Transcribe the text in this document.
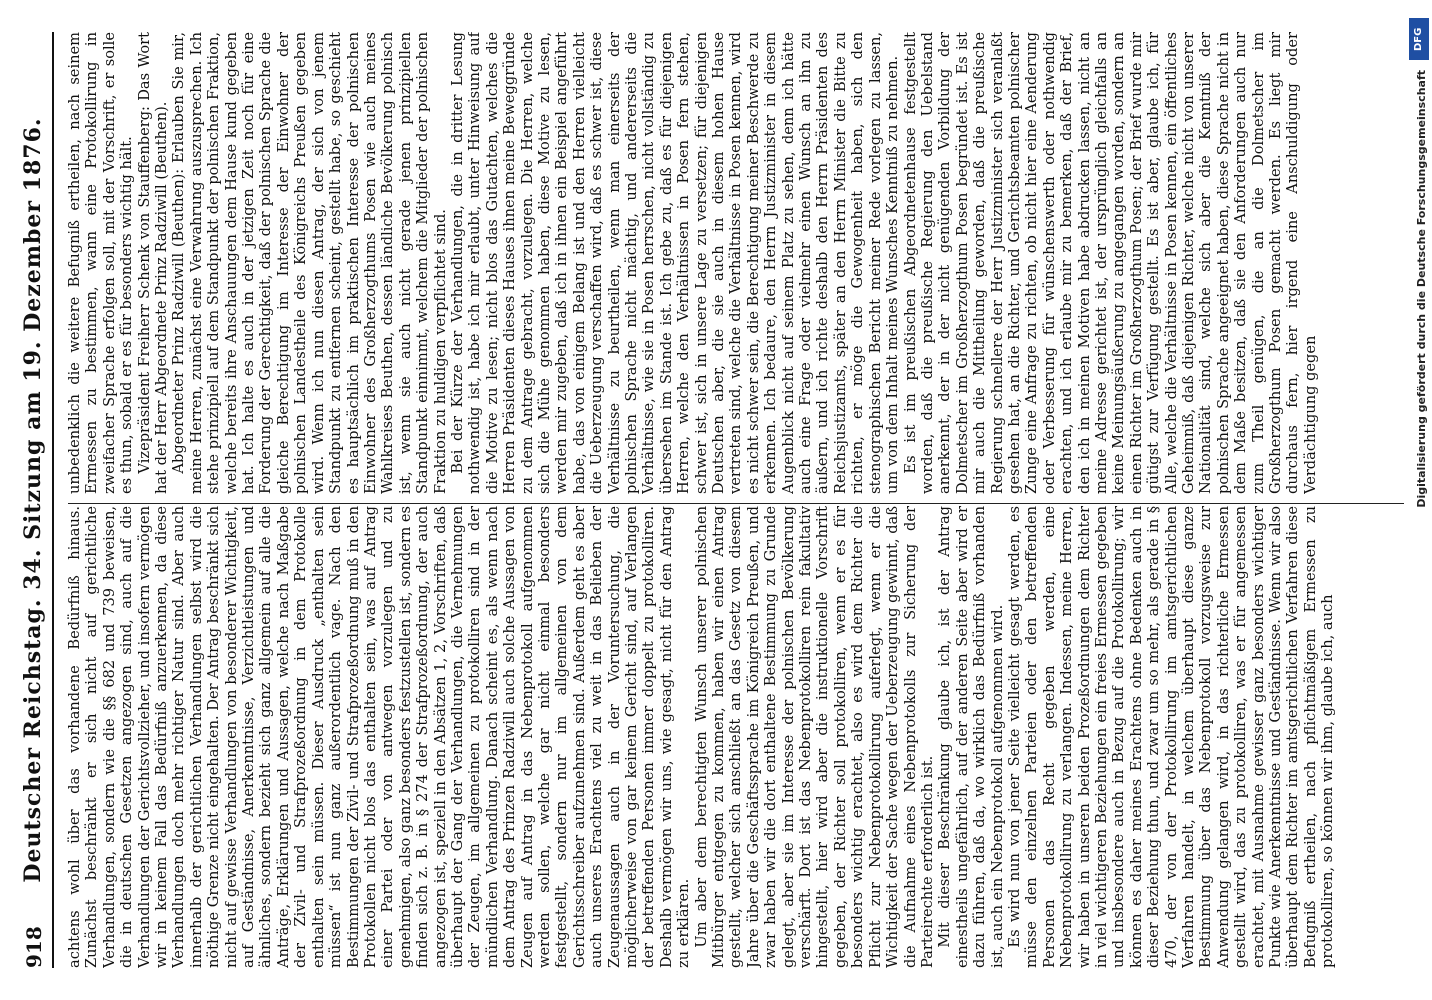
918
Deutscher Reichstag. 34. Sitzung am 19. Dezember 1876. achtens wohl über das vorhandene Bedürfniß hinaus. Zunächst beschränkt er sich nicht auf gerichtliche Verhandlungen, sondern wie die §§ 682 und 739 beweisen, die in deutschen Gesetzen angezogen sind, auch auf die Verhandlungen der Gerichtsvollzieher, und insofern vermögen wir in keinem Fall das Bedürfniß anzuerkennen, da diese Verhandlungen doch mehr richtiger Natur sind. Aber auch innerhalb der gerichtlichen Verhandlungen selbst wird die nöthige Grenze nicht eingehalten. Der Antrag beschränkt sich nicht auf gewisse Verhandlungen von besonderer Wichtigkeit, auf Geständnisse, Anerkenntnisse, Verzichtleistungen und ähnliches, sondern bezieht sich ganz allgemein auf alle die Anträge, Erklärungen und Aussagen, welche nach Maßgabe der Zivil- und Strafprozeßordnung in dem Protokolle enthalten sein müssen. Dieser Ausdruck „enthalten sein müssen“ ist nun ganz außerordentlich vage. Nach den Bestimmungen der Zivil- und Strafprozeßordnung muß in den Protokollen nicht blos das enthalten sein, was auf Antrag einer Partei oder von antwegen vorzulegen und zu genehmigen, also ganz besonders festzustellen ist, sondern es finden sich z. B. in § 274 der Strafprozeßordnung, der auch angezogen ist, speziell in den Absätzen 1, 2, Vorschriften, daß überhaupt der Gang der Verhandlungen, die Vernehmungen der Zeugen, im allgemeinen zu protokolliren sind in der mündlichen Verhandlung. Danach scheint es, als wenn nach dem Antrag des Prinzen Radziwill auch solche Aussagen von Zeugen auf Antrag in das Nebenprotokoll aufgenommen werden sollen, welche gar nicht einmal besonders festgestellt, sondern nur im allgemeinen von dem Gerichtsschreiber aufzunehmen sind. Außerdem geht es aber auch unseres Erachtens viel zu weit in das Belieben der Zeugenaussagen auch in der Voruntersuchung, die möglicherweise von gar keinem Gericht sind, auf Verlangen der betreffenden Personen immer doppelt zu protokolliren. Deshalb vermögen wir uns, wie gesagt, nicht für den Antrag zu erklären. Um aber dem berechtigten Wunsch unserer polnischen Mitbürger entgegen zu kommen, haben wir einen Antrag gestellt, welcher sich anschließt an das Gesetz von diesem Jahre über die Geschäftssprache im Königreich Preußen, und zwar haben wir die dort enthaltene Bestimmung zu Grunde gelegt, aber sie im Interesse der polnischen Bevölkerung verschärft. Dort ist das Nebenprotokolliren rein fakultativ hingestellt, hier wird aber die instruktionelle Vorschrift gegeben, der Richter soll protokolliren, wenn er es für besonders wichtig erachtet, also es wird dem Richter die Pflicht zur Nebenprotokollirung auferlegt, wenn er die Wichtigkeit der Sache wegen der Ueberzeugung gewinnt, daß die Aufnahme eines Nebenprotokolls zur Sicherung der Parteirechte erforderlich ist. Mit dieser Beschränkung glaube ich, ist der Antrag einestheils ungefährlich, auf der anderen Seite aber wird er dazu führen, daß da, wo wirklich das Bedürfniß vorhanden ist, auch ein Nebenprotokoll aufgenommen wird. Es wird nun von jener Seite vielleicht gesagt werden, es müsse den einzelnen Parteien oder den betreffenden Personen das Recht gegeben werden, eine Nebenprotokollirung zu verlangen. Indessen, meine Herren, wir haben in unseren beiden Prozeßordnungen dem Richter in viel wichtigeren Beziehungen ein freies Ermessen gegeben und insbesondere auch in Bezug auf die Protokollirung; wir können es daher meines Erachtens ohne Bedenken auch in dieser Beziehung thun, und zwar um so mehr, als gerade in § 470, der von der Protokollirung im amtsgerichtlichen Verfahren handelt, in welchem überhaupt diese ganze Bestimmung über das Nebenprotokoll vorzugsweise zur Anwendung gelangen wird, in das richterliche Ermessen gestellt wird, das zu protokolliren, was er für angemessen erachtet, mit Ausnahme gewisser ganz besonders wichtiger Punkte wie Anerkenntnisse und Geständnisse. Wenn wir also überhaupt dem Richter im amtsgerichtlichen Verfahren diese Befugniß ertheilen, nach pflichtmäßigem Ermessen zu protokolliren, so können wir ihm, glaube ich, auch

unbedenklich die weitere Befugniß ertheilen, nach seinem Ermessen zu bestimmen, wann eine Protokollirung in zweifacher Sprache erfolgen soll, mit der Vorschrift, er solle es thun, sobald er es für besonders wichtig hält. Vizepräsident Freiherr Schenk von Stauffenberg: Das Wort hat der Herr Abgeordnete Prinz Radziwill (Beuthen). Abgeordneter Prinz Radziwill (Beuthen): Erlauben Sie mir, meine Herren, zunächst eine Verwahrung auszusprechen. Ich stehe prinzipiell auf dem Standpunkt der polnischen Fraktion, welche bereits ihre Anschauungen dem Hause kund gegeben hat. Ich halte es auch in der jetzigen Zeit noch für eine Forderung der Gerechtigkeit, daß der polnischen Sprache die gleiche Berechtigung im Interesse der Einwohner der polnischen Landestheile des Königreichs Preußen gegeben wird. Wenn ich nun diesen Antrag, der sich von jenem Standpunkt zu entfernen scheint, gestellt habe, so geschieht es hauptsächlich im praktischen Interesse der polnischen Einwohner des Großherzogthums Posen wie auch meines Wahlkreises Beuthen, dessen ländliche Bevölkerung polnisch ist, wenn sie auch nicht gerade jenen prinzipiellen Standpunkt einnimmt, welchem die Mitglieder der polnischen Fraktion zu huldigen verpflichtet sind. Bei der Kürze der Verhandlungen, die in dritter Lesung nothwendig ist, habe ich mir erlaubt, unter Hinweisung auf die Motive zu lesen; nicht blos das Gutachten, welches die Herren Präsidenten dieses Hauses ihnen meine Beweggründe zu dem Antrage gebracht, vorzulegen. Die Herren, welche sich die Mühe genommen haben, diese Motive zu lesen, werden mir zugeben, daß ich in ihnen ein Beispiel angeführt habe, das von einigem Belang ist und den Herren vielleicht die Ueberzeugung verschaffen wird, daß es schwer ist, diese Verhältnisse zu beurtheilen, wenn man einerseits der polnischen Sprache nicht mächtig, und andererseits die Verhältnisse, wie sie in Posen herrschen, nicht vollständig zu übersehen im Stande ist. Ich gebe zu, daß es für diejenigen Herren, welche den Verhältnissen in Posen fern stehen, schwer ist, sich in unsere Lage zu versetzen; für diejenigen Deutschen aber, die sie auch in diesem hohen Hause vertreten sind, welche die Verhältnisse in Posen kennen, wird es nicht schwer sein, die Berechtigung meiner Beschwerde zu erkennen. Ich bedaure, den Herrn Justizminister in diesem Augenblick nicht auf seinem Platz zu sehen, denn ich hätte auch eine Frage oder vielmehr einen Wunsch an ihn zu äußern, und ich richte deshalb den Herrn Präsidenten des Reichsjustizamts, später an den Herrn Minister die Bitte zu richten, er möge die Gewogenheit haben, sich den stenographischen Bericht meiner Rede vorlegen zu lassen, um von dem Inhalt meines Wunsches Kenntniß zu nehmen. Es ist im preußischen Abgeordnetenhause festgestellt worden, daß die preußische Regierung den Uebelstand anerkennt, der in der nicht genügenden Vorbildung der Dolmetscher im Großherzogthum Posen begründet ist. Es ist mir auch die Mittheilung geworden, daß die preußische Regierung schnellere der Herr Justizminister sich veranlaßt gesehen hat, an die Richter, und Gerichtsbeamten polnischer Zunge eine Anfrage zu richten, ob nicht hier eine Aenderung oder Verbesserung für wünschenswerth oder nothwendig erachten, und ich erlaube mir zu bemerken, daß der Brief, den ich in meinen Motiven habe abdrucken lassen, nicht an meine Adresse gerichtet ist, der ursprünglich gleichfalls an keine Meinungsäußerung zu angegangen worden, sondern an einen Richter im Großherzogthum Posen; der Brief wurde mir gütigst zur Verfügung gestellt. Es ist aber, glaube ich, für Alle, welche die Verhältnisse in Posen kennen, ein öffentliches Geheimniß, daß diejenigen Richter, welche nicht von unserer Nationalität sind, welche sich aber die Kenntniß der polnischen Sprache angeeignet haben, diese Sprache nicht in dem Maße besitzen, daß sie den Anforderungen auch nur zum Theil genügen, die an die Dolmetscher im Großherzogthum Posen gemacht werden. Es liegt mir durchaus fern, hier irgend eine Anschuldigung oder Verdächtigung gegen

DFG
Digitalisierung gefördert durch die Deutsche Forschungsgemeinschaft
